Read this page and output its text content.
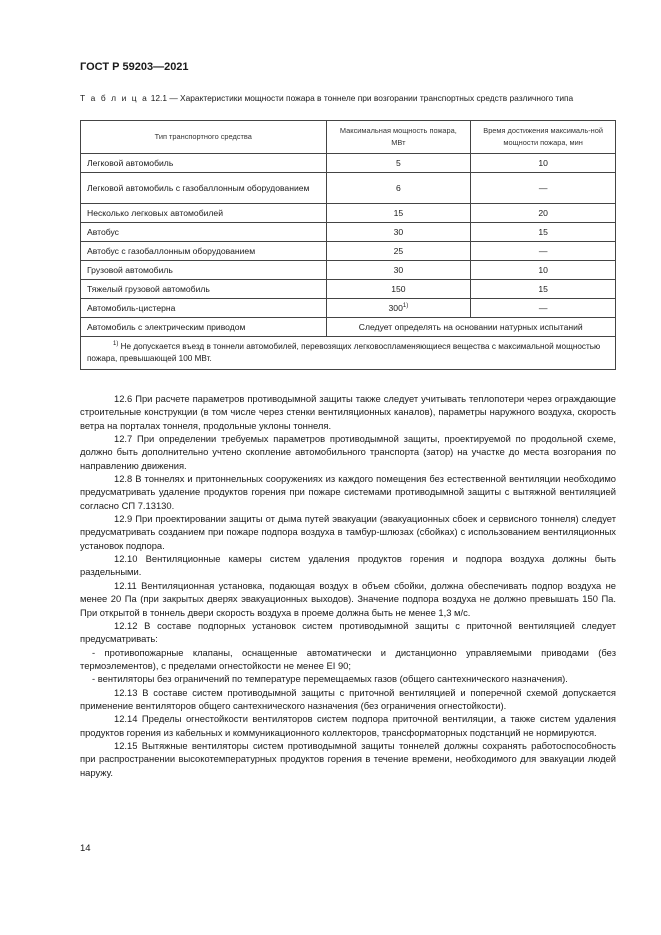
ГОСТ Р 59203—2021
Т а б л и ц а 12.1 — Характеристики мощности пожара в тоннеле при возгорании транспортных средств различного типа
Тип транспортного средства	Максимальная мощность пожара, МВт	Время достижения максималь-ной мощности пожара, мин
Легковой автомобиль	5	10
Легковой автомобиль с газобаллонным оборудованием	6	—
Несколько легковых автомобилей	15	20
Автобус	30	15
Автобус с газобаллонным оборудованием	25	—
Грузовой автомобиль	30	10
Тяжелый грузовой автомобиль	150	15
Автомобиль-цистерна	300$^{1)}$	—
Автомобиль с электрическим приводом	Следует определять на основании натурных испытаний	
$^{1)}$ Не допускается въезд в тоннели автомобилей, перевозящих легковоспламеняющиеся вещества с максимальной мощностью пожара, превышающей 100 МВт.		

12.6 При расчете параметров противодымной защиты также следует учитывать теплопотери через ограждающие строительные конструкции (в том числе через стенки вентиляционных каналов), параметры наружного воздуха, скорость ветра на порталах тоннеля, продольные уклоны тоннеля.

12.7 При определении требуемых параметров противодымной защиты, проектируемой по продольной схеме, должно быть дополнительно учтено скопление автомобильного транспорта (затор) на участке до места возгорания по направлению движения.

12.8 В тоннелях и притоннельных сооружениях из каждого помещения без естественной вентиляции необходимо предусматривать удаление продуктов горения при пожаре системами противодымной защиты с вытяжной вентиляцией согласно СП 7.13130.

12.9 При проектировании защиты от дыма путей эвакуации (эвакуационных сбоек и сервисного тоннеля) следует предусматривать созданием при пожаре подпора воздуха в тамбур-шлюзах (сбойках) с использованием вентиляционных установок подпора.

12.10 Вентиляционные камеры систем удаления продуктов горения и подпора воздуха должны быть раздельными.

12.11 Вентиляционная установка, подающая воздух в объем сбойки, должна обеспечивать подпор воздуха не менее 20 Па (при закрытых дверях эвакуационных выходов). Значение подпора воздуха не должно превышать 150 Па. При открытой в тоннель двери скорость воздуха в проеме должна быть не менее 1,3 м/с.

12.12 В составе подпорных установок систем противодымной защиты с приточной вентиляцией следует предусматривать:

- противопожарные клапаны, оснащенные автоматически и дистанционно управляемыми приводами (без термоэлементов), с пределами огнестойкости не менее EI 90;

- вентиляторы без ограничений по температуре перемещаемых газов (общего сантехнического назначения).

12.13 В составе систем противодымной защиты с приточной вентиляцией и поперечной схемой допускается применение вентиляторов общего сантехнического назначения (без ограничения огнестойкости).

12.14 Пределы огнестойкости вентиляторов систем подпора приточной вентиляции, а также систем удаления продуктов горения из кабельных и коммуникационного коллекторов, трансформаторных подстанций не нормируются.

12.15 Вытяжные вентиляторы систем противодымной защиты тоннелей должны сохранять работоспособность при распространении высокотемпературных продуктов горения в течение времени, необходимого для эвакуации людей наружу.

14
